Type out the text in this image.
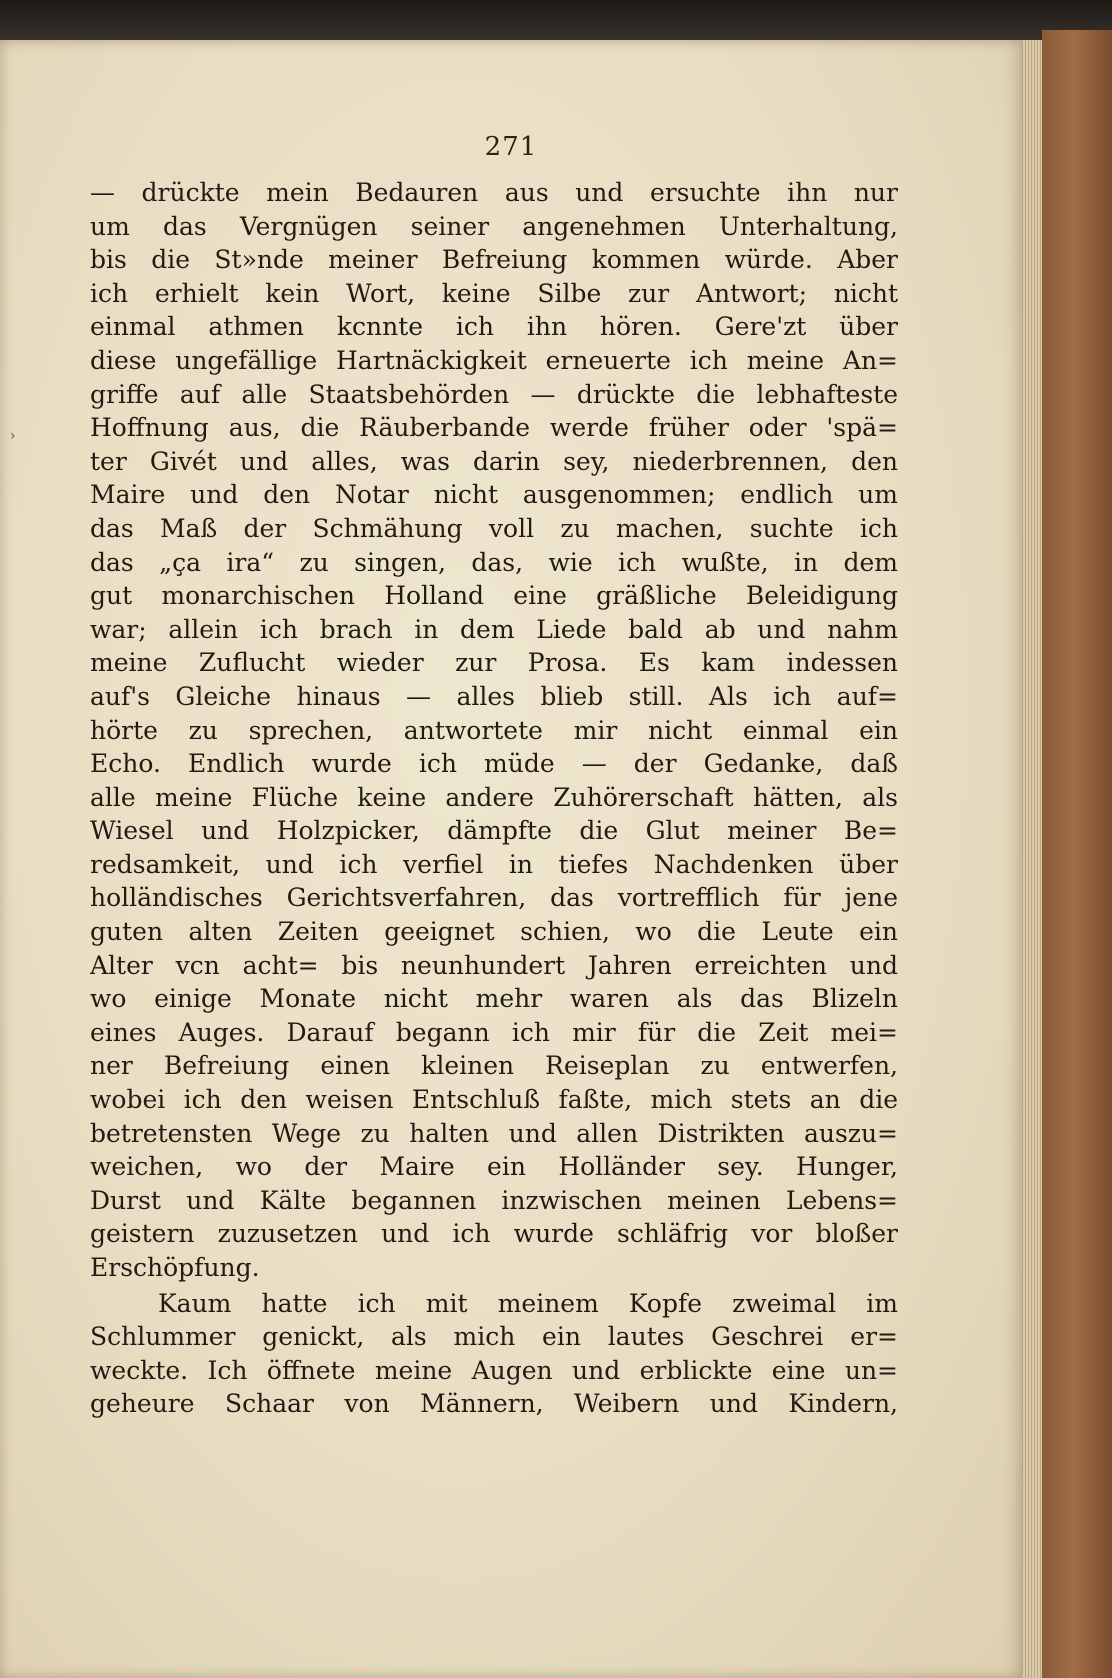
271
— drückte mein Bedauren aus und ersuchte ihn nur
um das Vergnügen seiner angenehmen Unterhaltung,
bis die St»nde meiner Befreiung kommen würde. Aber
ich erhielt kein Wort, keine Silbe zur Antwort; nicht
einmal athmen kcnnte ich ihn hören. Gere'zt über
diese ungefällige Hartnäckigkeit erneuerte ich meine An=
griffe auf alle Staatsbehörden — drückte die lebhafteste
Hoffnung aus, die Räuberbande werde früher oder 'spä=
ter Givét und alles, was darin sey, niederbrennen, den
Maire und den Notar nicht ausgenommen; endlich um
das Maß der Schmähung voll zu machen, suchte ich
das „ça ira“ zu singen, das, wie ich wußte, in dem
gut monarchischen Holland eine gräßliche Beleidigung
war; allein ich brach in dem Liede bald ab und nahm
meine Zuflucht wieder zur Prosa. Es kam indessen
auf's Gleiche hinaus — alles blieb still. Als ich auf=
hörte zu sprechen, antwortete mir nicht einmal ein
Echo. Endlich wurde ich müde — der Gedanke, daß
alle meine Flüche keine andere Zuhörerschaft hätten, als
Wiesel und Holzpicker, dämpfte die Glut meiner Be=
redsamkeit, und ich verfiel in tiefes Nachdenken über
holländisches Gerichtsverfahren, das vortrefflich für jene
guten alten Zeiten geeignet schien, wo die Leute ein
Alter vcn acht= bis neunhundert Jahren erreichten und
wo einige Monate nicht mehr waren als das Blizeln
eines Auges. Darauf begann ich mir für die Zeit mei=
ner Befreiung einen kleinen Reiseplan zu entwerfen,
wobei ich den weisen Entschluß faßte, mich stets an die
betretensten Wege zu halten und allen Distrikten auszu=
weichen, wo der Maire ein Holländer sey. Hunger,
Durst und Kälte begannen inzwischen meinen Lebens=
geistern zuzusetzen und ich wurde schläfrig vor bloßer
Erschöpfung.
Kaum hatte ich mit meinem Kopfe zweimal im
Schlummer genickt, als mich ein lautes Geschrei er=
weckte. Ich öffnete meine Augen und erblickte eine un=
geheure Schaar von Männern, Weibern und Kindern,
›
